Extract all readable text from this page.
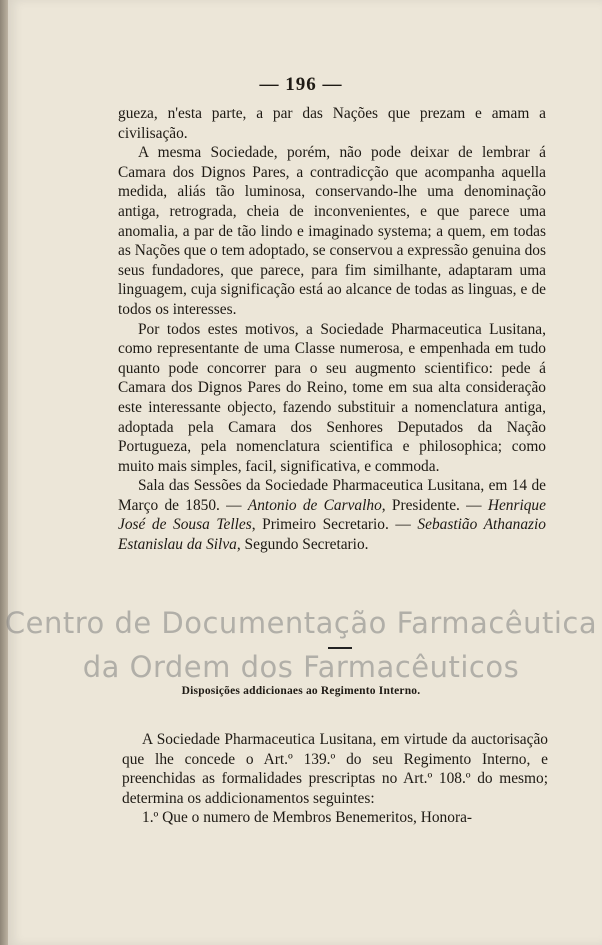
— 196 —

gueza, n'esta parte, a par das Nações que prezam e amam a civilisação.

A mesma Sociedade, porém, não pode deixar de lembrar á Camara dos Dignos Pares, a contradicção que acompanha aquella medida, aliás tão luminosa, conservando-lhe uma denominação antiga, retrograda, cheia de inconvenientes, e que parece uma anomalia, a par de tão lindo e imaginado systema; a quem, em todas as Nações que o tem adoptado, se conservou a expressão genuina dos seus fundadores, que parece, para fim similhante, adaptaram uma linguagem, cuja significação está ao alcance de todas as linguas, e de todos os interesses.

Por todos estes motivos, a Sociedade Pharmaceutica Lusitana, como representante de uma Classe numerosa, e empenhada em tudo quanto pode concorrer para o seu augmento scientifico: pede á Camara dos Dignos Pares do Reino, tome em sua alta consideração este interessante objecto, fazendo substituir a nomenclatura antiga, adoptada pela Camara dos Senhores Deputados da Nação Portugueza, pela nomenclatura scientifica e philosophica; como muito mais simples, facil, significativa, e commoda.

Sala das Sessões da Sociedade Pharmaceutica Lusitana, em 14 de Março de 1850. — Antonio de Carvalho, Presidente. — Henrique José de Sousa Telles, Primeiro Secretario. — Sebastião Athanazio Estanislau da Silva, Segundo Secretario.

Disposições addicionaes ao Regimento Interno.

A Sociedade Pharmaceutica Lusitana, em virtude da auctorisação que lhe concede o Art.º 139.º do seu Regimento Interno, e preenchidas as formalidades prescriptas no Art.º 108.º do mesmo; determina os addicionamentos seguintes:

1.º Que o numero de Membros Benemeritos, Honora-

Centro de Documentação Farmacêutica
da Ordem dos Farmacêuticos
